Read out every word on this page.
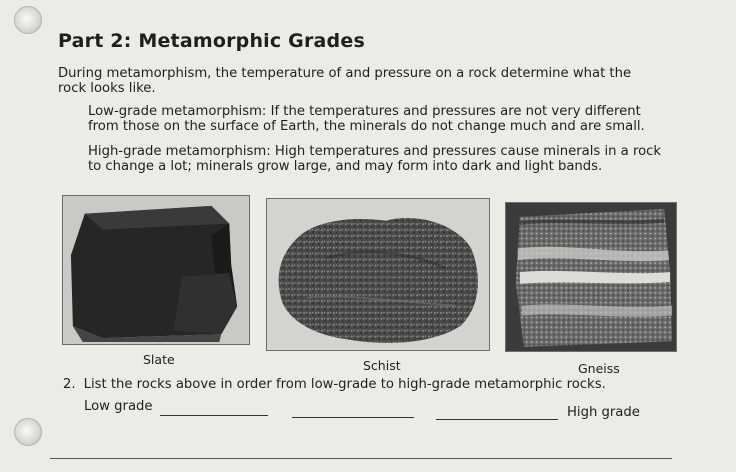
Part 2: Metamorphic Grades
During metamorphism, the temperature of and pressure on a rock determine what the rock looks like.
Low-grade metamorphism: If the temperatures and pressures are not very different from those on the surface of Earth, the minerals do not change much and are small.
High-grade metamorphism: High temperatures and pressures cause minerals in a rock to change a lot; minerals grow large, and may form into dark and light bands.
Slate	Schist	Gneiss
2. List the rocks above in order from low-grade to high-grade metamorphic rocks.
Low grade	High grade
